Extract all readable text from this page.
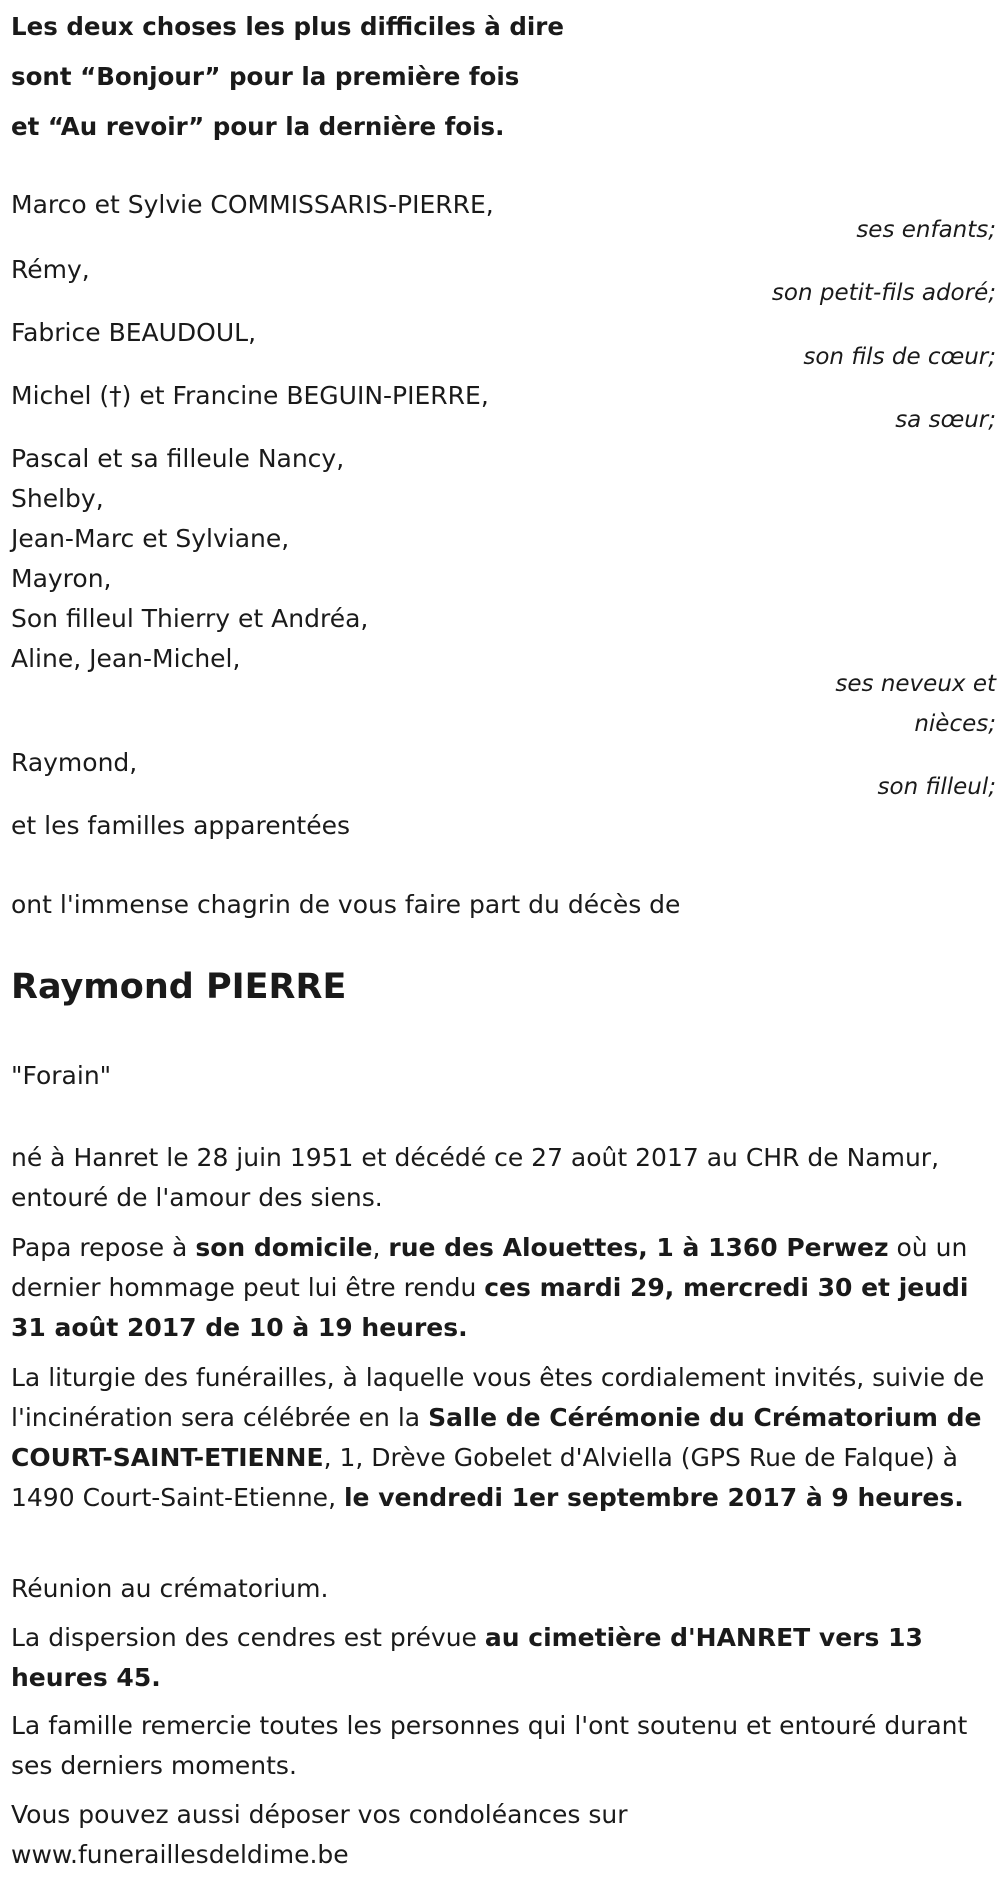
Les deux choses les plus difficiles à dire
sont “Bonjour” pour la première fois
et “Au revoir” pour la dernière fois.
Marco et Sylvie COMMISSARIS-PIERRE,
ses enfants;
Rémy,
son petit-fils adoré;
Fabrice BEAUDOUL,
son fils de cœur;
Michel (†) et Francine BEGUIN-PIERRE,
sa sœur;
Pascal et sa filleule Nancy,
Shelby,
Jean-Marc et Sylviane,
Mayron,
Son filleul Thierry et Andréa,
Aline, Jean-Michel,
ses neveux et
nièces;
Raymond,
son filleul;
et les familles apparentées
ont l'immense chagrin de vous faire part du décès de
Raymond PIERRE
"Forain"
né à Hanret le 28 juin 1951 et décédé ce 27 août 2017 au CHR de Namur, entouré de l'amour des siens.
Papa repose à son domicile, rue des Alouettes, 1 à 1360 Perwez où un dernier hommage peut lui être rendu ces mardi 29, mercredi 30 et jeudi 31 août 2017 de 10 à 19 heures.
La liturgie des funérailles, à laquelle vous êtes cordialement invités, suivie de l'incinération sera célébrée en la Salle de Cérémonie du Crématorium de COURT-SAINT-ETIENNE, 1, Drève Gobelet d'Alviella (GPS Rue de Falque) à 1490 Court-Saint-Etienne, le vendredi 1er septembre 2017 à 9 heures.
Réunion au crématorium.
La dispersion des cendres est prévue au cimetière d'HANRET vers 13 heures 45.
La famille remercie toutes les personnes qui l'ont soutenu et entouré durant ses derniers moments.
Vous pouvez aussi déposer vos condoléances sur
www.funeraillesdeldime.be
